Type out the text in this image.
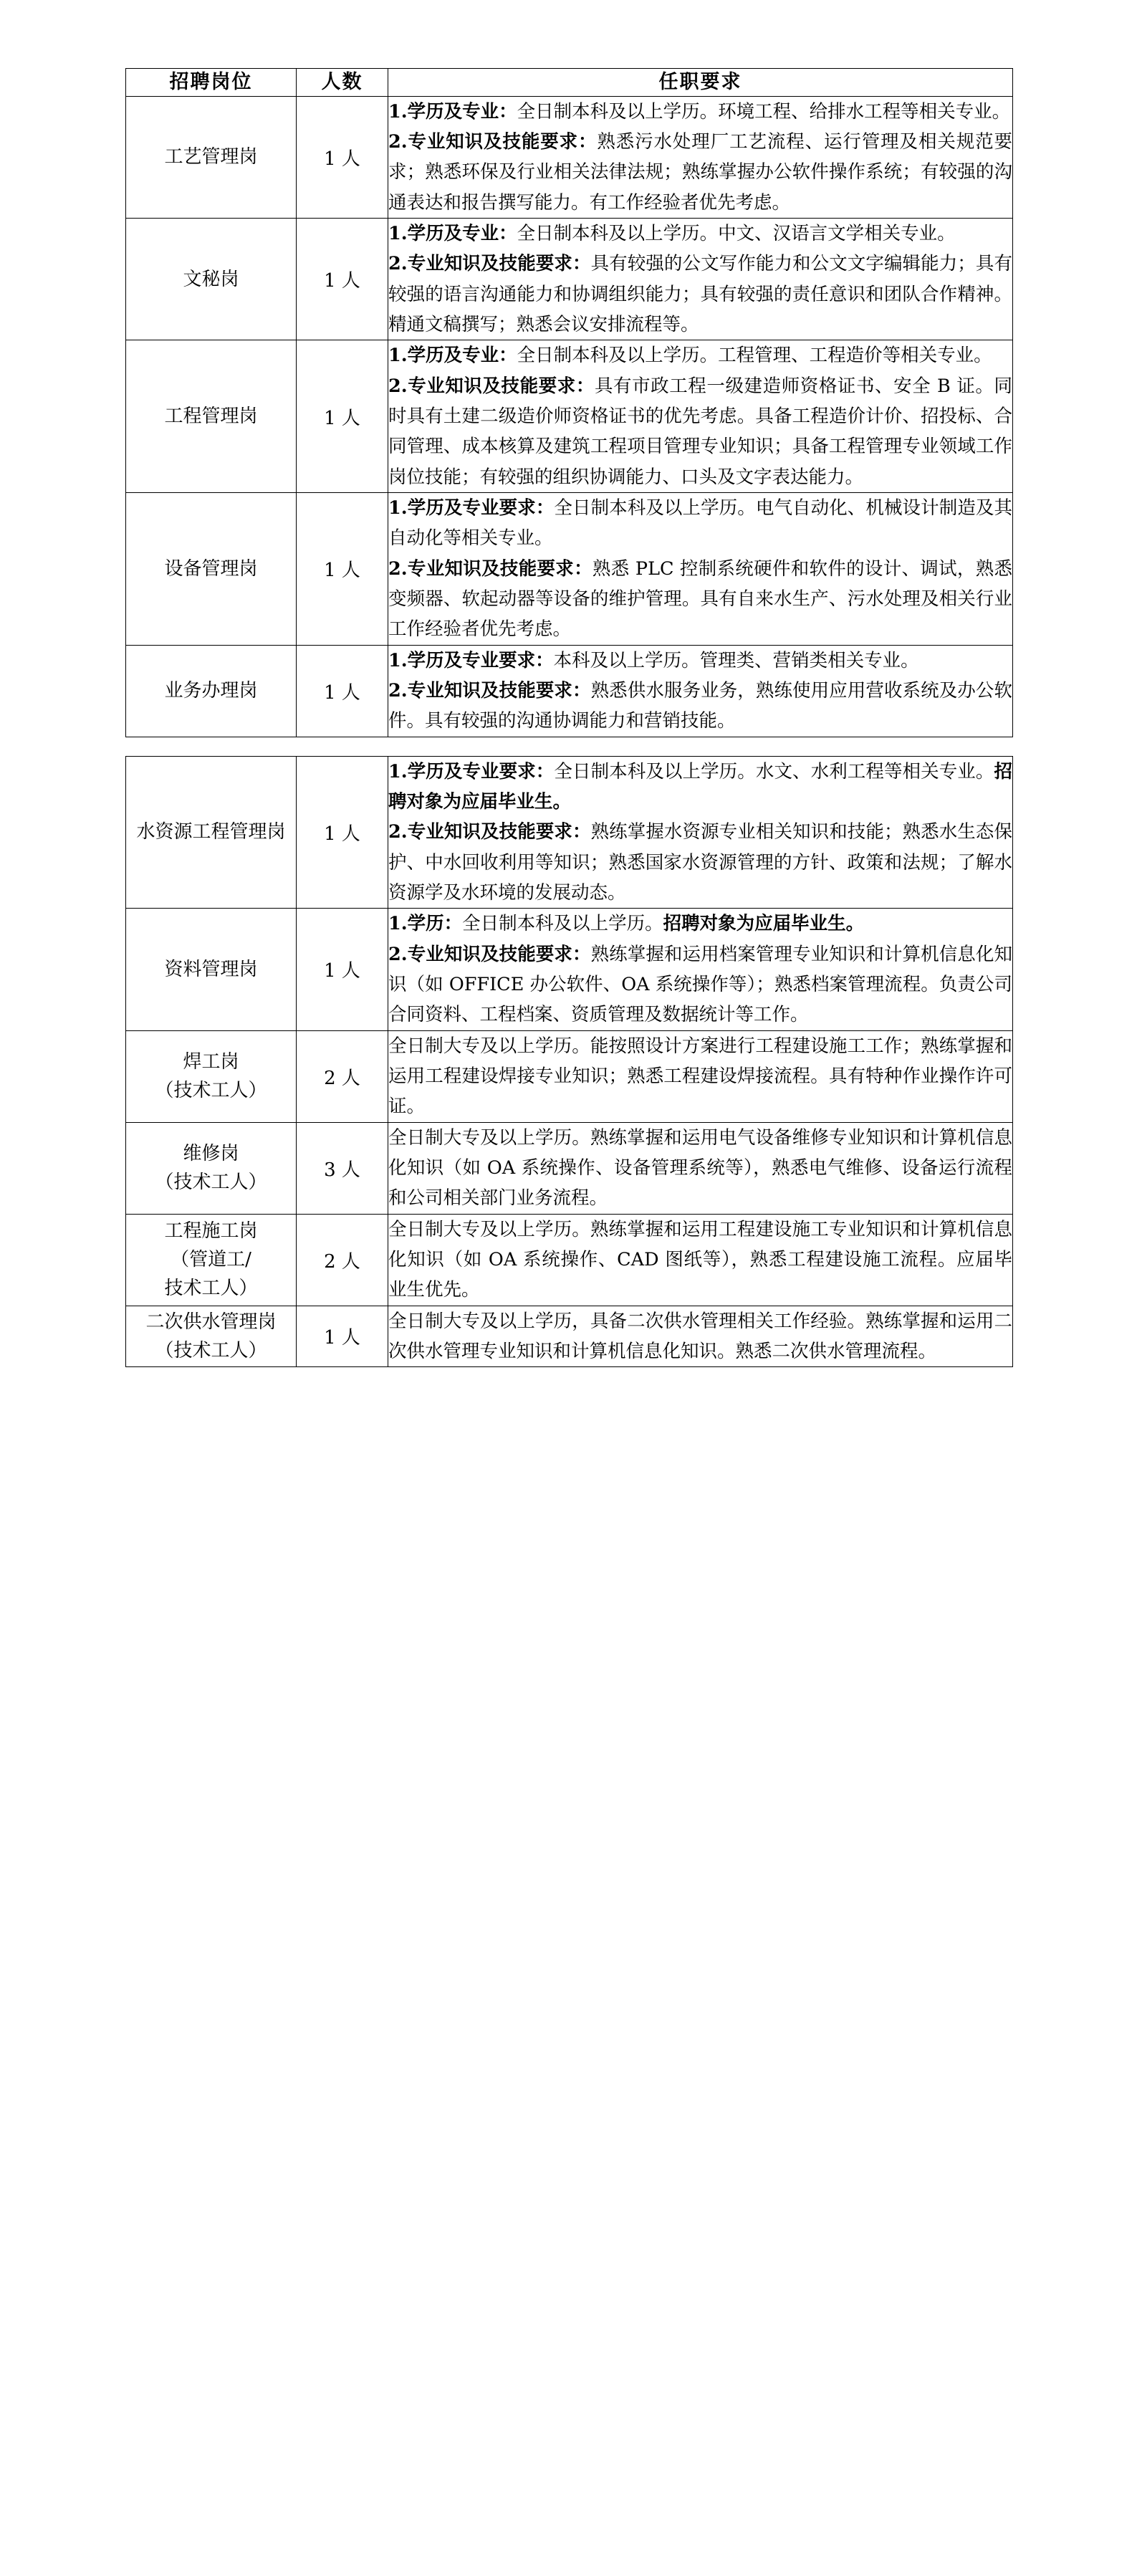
招聘岗位	人数	任职要求
工艺管理岗	1 人	1.学历及专业：全日制本科及以上学历。环境工程、给排水工程等相关专业。

2.专业知识及技能要求：熟悉污水处理厂工艺流程、运行管理及相关规范要求；熟悉环保及行业相关法律法规；熟练掌握办公软件操作系统；有较强的沟通表达和报告撰写能力。有工作经验者优先考虑。

文秘岗	1 人	1.学历及专业：全日制本科及以上学历。中文、汉语言文学相关专业。

2.专业知识及技能要求：具有较强的公文写作能力和公文文字编辑能力；具有较强的语言沟通能力和协调组织能力；具有较强的责任意识和团队合作精神。精通文稿撰写；熟悉会议安排流程等。

工程管理岗	1 人	1.学历及专业：全日制本科及以上学历。工程管理、工程造价等相关专业。

2.专业知识及技能要求：具有市政工程一级建造师资格证书、安全 B 证。同时具有土建二级造价师资格证书的优先考虑。具备工程造价计价、招投标、合同管理、成本核算及建筑工程项目管理专业知识；具备工程管理专业领域工作岗位技能；有较强的组织协调能力、口头及文字表达能力。

设备管理岗	1 人	1.学历及专业要求：全日制本科及以上学历。电气自动化、机械设计制造及其自动化等相关专业。

2.专业知识及技能要求：熟悉 PLC 控制系统硬件和软件的设计、调试，熟悉变频器、软起动器等设备的维护管理。具有自来水生产、污水处理及相关行业工作经验者优先考虑。

业务办理岗	1 人	1.学历及专业要求：本科及以上学历。管理类、营销类相关专业。

2.专业知识及技能要求：熟悉供水服务业务，熟练使用应用营收系统及办公软件。具有较强的沟通协调能力和营销技能。

水资源工程管理岗	1 人	1.学历及专业要求：全日制本科及以上学历。水文、水利工程等相关专业。招聘对象为应届毕业生。

2.专业知识及技能要求：熟练掌握水资源专业相关知识和技能；熟悉水生态保护、中水回收利用等知识；熟悉国家水资源管理的方针、政策和法规；了解水资源学及水环境的发展动态。

资料管理岗	1 人	1.学历：全日制本科及以上学历。招聘对象为应届毕业生。

2.专业知识及技能要求：熟练掌握和运用档案管理专业知识和计算机信息化知识（如 OFFICE 办公软件、OA 系统操作等）；熟悉档案管理流程。负责公司合同资料、工程档案、资质管理及数据统计等工作。

焊工岗
（技术工人）	2 人	全日制大专及以上学历。能按照设计方案进行工程建设施工工作；熟练掌握和运用工程建设焊接专业知识；熟悉工程建设焊接流程。具有特种作业操作许可证。

维修岗
（技术工人）	3 人	全日制大专及以上学历。熟练掌握和运用电气设备维修专业知识和计算机信息化知识（如 OA 系统操作、设备管理系统等），熟悉电气维修、设备运行流程和公司相关部门业务流程。

工程施工岗
（管道工/
技术工人）	2 人	全日制大专及以上学历。熟练掌握和运用工程建设施工专业知识和计算机信息化知识（如 OA 系统操作、CAD 图纸等），熟悉工程建设施工流程。应届毕业生优先。

二次供水管理岗
（技术工人）	1 人	全日制大专及以上学历，具备二次供水管理相关工作经验。熟练掌握和运用二次供水管理专业知识和计算机信息化知识。熟悉二次供水管理流程。
